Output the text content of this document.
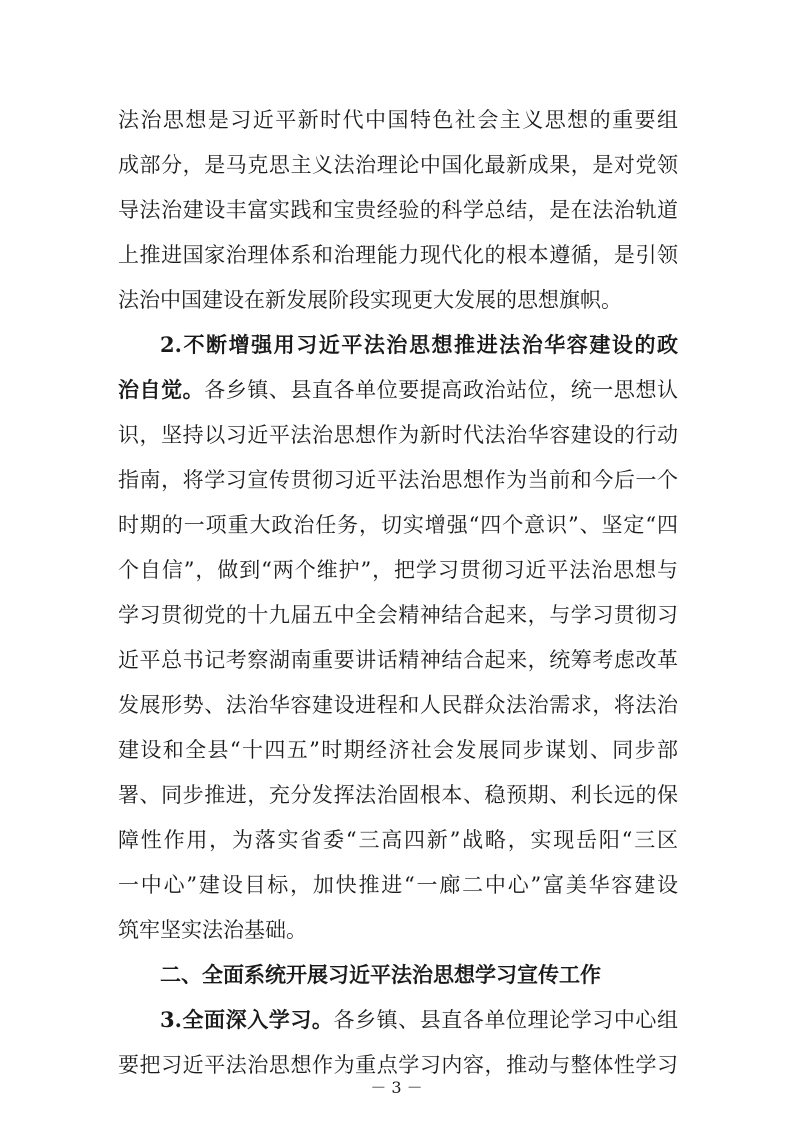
法治思想是习近平新时代中国特色社会主义思想的重要组
成部分，是马克思主义法治理论中国化最新成果，是对党领
导法治建设丰富实践和宝贵经验的科学总结，是在法治轨道
上推进国家治理体系和治理能力现代化的根本遵循，是引领
法治中国建设在新发展阶段实现更大发展的思想旗帜。
2.不断增强用习近平法治思想推进法治华容建设的政
治自觉。各乡镇、县直各单位要提高政治站位，统一思想认
识，坚持以习近平法治思想作为新时代法治华容建设的行动
指南，将学习宣传贯彻习近平法治思想作为当前和今后一个
时期的一项重大政治任务，切实增强“四个意识”、坚定“四
个自信”，做到“两个维护”，把学习贯彻习近平法治思想与
学习贯彻党的十九届五中全会精神结合起来，与学习贯彻习
近平总书记考察湖南重要讲话精神结合起来，统筹考虑改革
发展形势、法治华容建设进程和人民群众法治需求，将法治
建设和全县“十四五”时期经济社会发展同步谋划、同步部
署、同步推进，充分发挥法治固根本、稳预期、利长远的保
障性作用，为落实省委“三高四新”战略，实现岳阳“三区
一中心”建设目标，加快推进“一廊二中心”富美华容建设
筑牢坚实法治基础。
二、全面系统开展习近平法治思想学习宣传工作
3.全面深入学习。各乡镇、县直各单位理论学习中心组
要把习近平法治思想作为重点学习内容，推动与整体性学习
－ 3 －
